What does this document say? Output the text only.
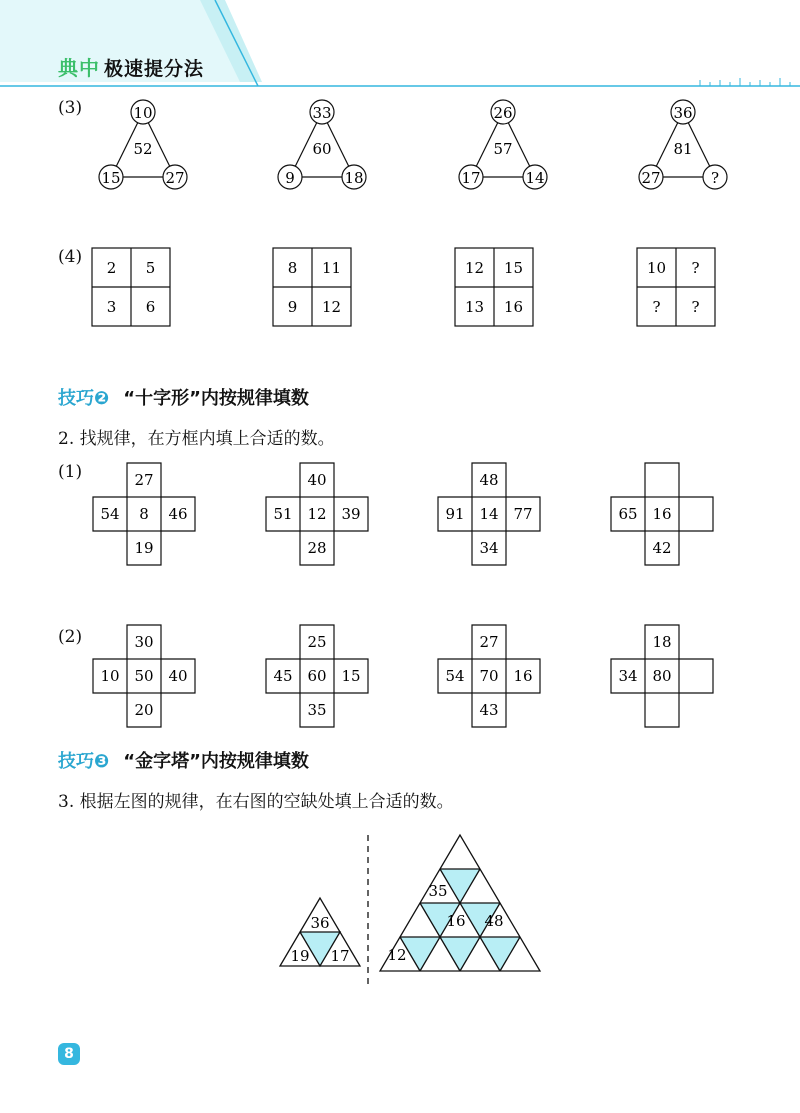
典中 极速提分法
(3)	10
52
15	27
33
60
9	18
26
57
17	14
36
81
27	?
(4)
2 5
3 6
8 11
9 12
12 15
13 16
10 ?
? ?
技巧❷ “十字形”内按规律填数
2. 找规律，在方框内填上合适的数。
(1)	27
54 8 46
19
40
51 12 39
28
48
91 14 77
34
65 16
42
(2)	30
10 50 40
20
25
45 60 15
35
27
54 70 16
43
18
34 80
技巧❸ “金字塔”内按规律填数
3. 根据左图的规律，在右图的空缺处填上合适的数。
36
19 17
35
16 48
12
8
